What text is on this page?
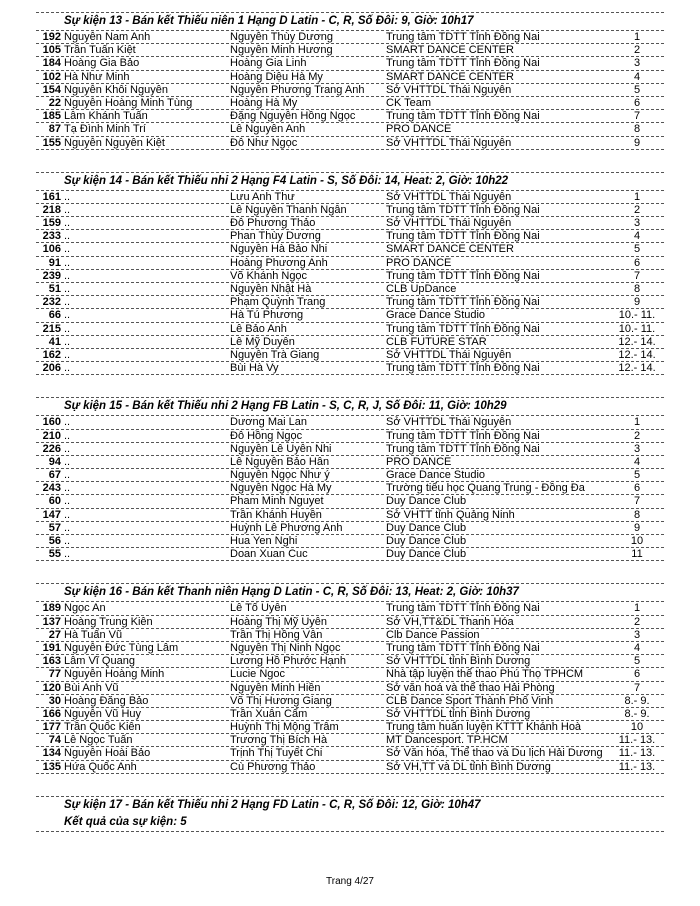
Sự kiện 13 - Bán kết Thiếu niên 1 Hạng D Latin - C, R, Số Đôi: 9, Giờ: 10h17
192 Nguyễn Nam Anh	Nguyễn Thùy Dương	Trung tâm TDTT Tỉnh Đồng Nai	1
105 Trần Tuấn Kiệt	Nguyễn Minh Hương	SMART DANCE CENTER	2
184 Hoàng Gia Bảo	Hoàng Gia Linh	Trung tâm TDTT Tỉnh Đồng Nai	3
102 Hà Như Minh	Hoàng Diệu Hà My	SMART DANCE CENTER	4
154 Nguyễn Khôi Nguyên	Nguyễn Phương Trang Anh	Sở VHTTDL Thái Nguyên	5
22 Nguyễn Hoàng Minh Tùng	Hoàng Hà My	CK Team	6
185 Lâm Khánh Tuấn	Đặng Nguyễn Hồng Ngọc	Trung tâm TDTT Tỉnh Đồng Nai	7
87 Tạ Đình Minh Trí	Lê Nguyên Anh	PRO DANCE	8
155 Nguyễn Nguyên Kiệt	Đỗ Như Ngọc	Sở VHTTDL Thái Nguyên	9
Sự kiện 14 - Bán kết Thiếu nhi 2 Hạng F4 Latin - S, Số Đôi: 14, Heat: 2, Giờ: 10h22
161 ..	Lưu Anh Thư	Sở VHTTDL Thái Nguyên	1
218 ..	Lê Nguyễn Thanh Ngân	Trung tâm TDTT Tỉnh Đồng Nai	2
159 ..	Đỗ Phương Thảo	Sở VHTTDL Thái Nguyên	3
233 ..	Phan Thùy Dương	Trung tâm TDTT Tỉnh Đồng Nai	4
106 ..	Nguyễn Hà Bảo Nhi	SMART DANCE CENTER	5
91 ..	Hoàng Phương Anh	PRO DANCE	6
239 ..	Võ Khánh Ngọc	Trung tâm TDTT Tỉnh Đồng Nai	7
51 ..	Nguyễn Nhật Hà	CLB UpDance	8
232 ..	Phạm Quỳnh Trang	Trung tâm TDTT Tỉnh Đồng Nai	9
66 ..	Hà Tú Phương	Grace Dance Studio	10.- 11.
215 ..	Lê Bảo Anh	Trung tâm TDTT Tỉnh Đồng Nai	10.- 11.
41 ..	Lê Mỹ Duyên	CLB FUTURE STAR	12.- 14.
162 ..	Nguyễn Trà Giang	Sở VHTTDL Thái Nguyên	12.- 14.
206 ..	Bùi Hà Vy	Trung tâm TDTT Tỉnh Đồng Nai	12.- 14.
Sự kiện 15 - Bán kết Thiếu nhi 2 Hạng FB Latin - S, C, R, J, Số Đôi: 11, Giờ: 10h29
160 ..	Dương Mai Lan	Sở VHTTDL Thái Nguyên	1
210 ..	Đỗ Hồng Ngọc	Trung tâm TDTT Tỉnh Đồng Nai	2
226 ..	Nguyễn Lê Uyên Nhi	Trung tâm TDTT Tỉnh Đồng Nai	3
94 ..	Lê Nguyễn Bảo Hân	PRO DANCE	4
67 ..	Nguyễn Ngọc Như ý	Grace Dance Studio	5
243 ..	Nguyễn Ngọc Hà My	Trường tiểu học Quang Trung - Đồng Đa	6
60 ..	Pham Minh Nguyet	Duy Dance Club	7
147 ..	Trần Khánh Huyền	Sở VHTT tỉnh Quảng Ninh	8
57 ..	Huỳnh Lê Phương Anh	Duy Dance Club	9
56 ..	Hua Yen Nghi	Duy Dance Club	10
55 ..	Doan Xuan Cuc	Duy Dance Club	11
Sự kiện 16 - Bán kết Thanh niên Hạng D Latin - C, R, Số Đôi: 13, Heat: 2, Giờ: 10h37
189 Ngọc An	Lê Tố Uyên	Trung tâm TDTT Tỉnh Đồng Nai	1
137 Hoàng Trung Kiên	Hoàng Thị Mỹ Uyên	Sở VH,TT&DL Thanh Hóa	2
27 Hà Tuấn Vũ	Trần Thị Hồng Vân	Clb Dance Passion	3
191 Nguyễn Đức Tùng Lâm	Nguyễn Thị Ninh Ngọc	Trung tâm TDTT Tỉnh Đồng Nai	4
163 Lâm Vĩ Quang	Lương Hồ Phước Hạnh	Sở VHTTDL tỉnh Bình Dương	5
77 Nguyễn Hoàng Minh	Lucie Ngoc	Nhà tập luyện thể thao Phú Thọ TPHCM	6
120 Bùi Anh Vũ	Nguyễn Minh Hiền	Sở văn hoá và thể thao Hải Phòng	7
30 Hoàng Đăng Bảo	Võ Thị Hương Giang	CLB Dance Sport Thành Phố Vinh	8.- 9.
166 Nguyễn Vũ Huy	Trần Xuân Cẩm	Sở VHTTDL tỉnh Bình Dương	8.- 9.
177 Trần Quốc Kiên	Huỳnh Thị Mộng Trâm	Trung tâm huấn luyện KTTT Khánh Hoà	10
74 Lê Ngọc Tuấn	Trương Thị Bích Hà	MT Dancesport. TP.HCM	11.- 13.
134 Nguyễn Hoài Bảo	Trịnh Thị Tuyết Chi	Sở Văn hóa, Thể thao và Du lịch Hải Dương	11.- 13.
135 Hứa Quốc Anh	Cù Phương Thảo	Sở VH,TT và DL tỉnh Bình Dương	11.- 13.
Sự kiện 17 - Bán kết Thiếu nhi 2 Hạng FD Latin - C, R, Số Đôi: 12, Giờ: 10h47
Kết quả của sự kiện: 5
Trang 4/27
